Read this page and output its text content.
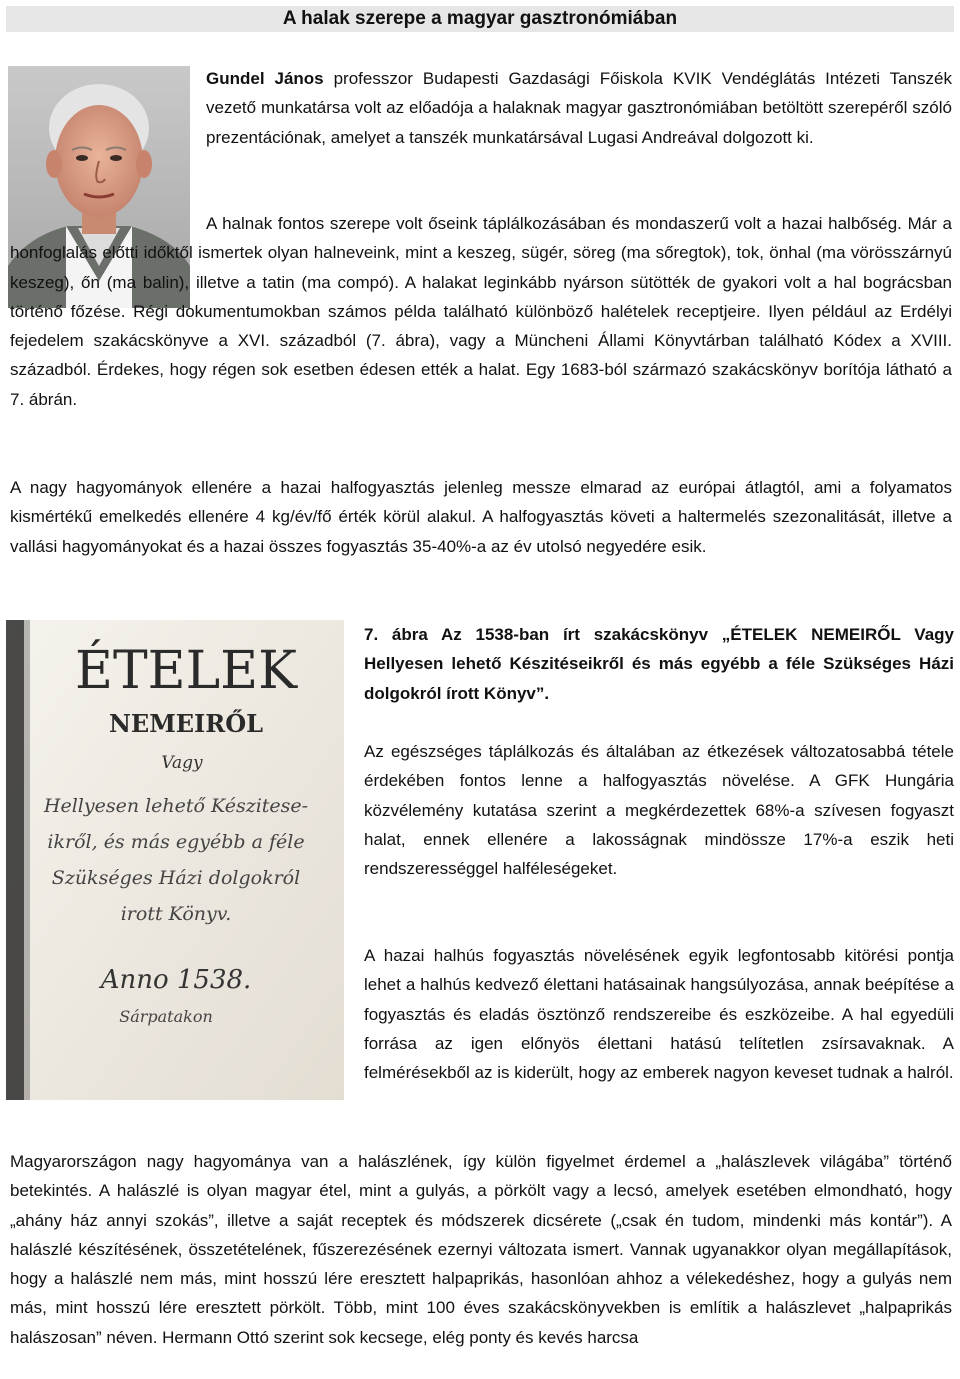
A halak szerepe a magyar gasztronómiában

Gundel János professzor Budapesti Gazdasági Főiskola KVIK Vendéglátás Intézeti Tanszék vezető munkatársa volt az előadója a halaknak magyar gasztronómiában betöltött szerepéről szóló prezentációnak, amelyet a tanszék munkatársával Lugasi Andreával dolgozott ki.

A halnak fontos szerepe volt őseink táplálkozásában és mondaszerű volt a hazai halbőség. Már a honfoglalás előtti időktől ismertek olyan halneveink, mint a keszeg, sügér, söreg (ma sőregtok), tok, önhal (ma vörösszárnyú keszeg), őn (ma balin), illetve a tatin (ma compó). A halakat leginkább nyárson sütötték de gyakori volt a hal bográcsban történő főzése. Régi dokumentumokban számos példa található különböző halételek receptjeire. Ilyen például az Erdélyi fejedelem szakácskönyve a XVI. századból (7. ábra), vagy a Müncheni Állami Könyvtárban található Kódex a XVIII. századból. Érdekes, hogy régen sok esetben édesen ették a halat. Egy 1683-ból származó szakácskönyv borítója látható a 7. ábrán.

A nagy hagyományok ellenére a hazai halfogyasztás jelenleg messze elmarad az európai átlagtól, ami a folyamatos kismértékű emelkedés ellenére 4 kg/év/fő érték körül alakul. A halfogyasztás követi a haltermelés szezonalitását, illetve a vallási hagyományokat és a hazai összes fogyasztás 35-40%-a az év utolsó negyedére esik.

ÉTELEK
NEMEIRŐL
Vagy
Hellyesen lehető Készitese-
ikről, és más egyébb a féle
Szükséges Házi dolgokról
irott Könyv.
Anno 1538.
Sárpatakon

7. ábra Az 1538-ban írt szakácskönyv „ÉTELEK NEMEIRŐL Vagy Hellyesen lehető Készitéseikről és más egyébb a féle Szükséges Házi dolgokról írott Könyv”.

Az egészséges táplálkozás és általában az étkezések változatosabbá tétele érdekében fontos lenne a halfogyasztás növelése. A GFK Hungária közvélemény kutatása szerint a megkérdezettek 68%-a szívesen fogyaszt halat, ennek ellenére a lakosságnak mindössze 17%-a eszik heti rendszerességgel halféleségeket.

A hazai halhús fogyasztás növelésének egyik legfontosabb kitörési pontja lehet a halhús kedvező élettani hatásainak hangsúlyozása, annak beépítése a fogyasztás és eladás ösztönző rendszereibe és eszközeibe. A hal egyedüli forrása az igen előnyös élettani hatású telítetlen zsírsavaknak. A felmérésekből az is kiderült, hogy az emberek nagyon keveset tudnak a halról.

Magyarországon nagy hagyománya van a halászlének, így külön figyelmet érdemel a „halászlevek világába” történő betekintés. A halászlé is olyan magyar étel, mint a gulyás, a pörkölt vagy a lecsó, amelyek esetében elmondható, hogy „ahány ház annyi szokás”, illetve a saját receptek és módszerek dicsérete („csak én tudom, mindenki más kontár”). A halászlé készítésének, összetételének, fűszerezésének ezernyi változata ismert. Vannak ugyanakkor olyan megállapítások, hogy a halászlé nem más, mint hosszú lére eresztett halpaprikás, hasonlóan ahhoz a vélekedéshez, hogy a gulyás nem más, mint hosszú lére eresztett pörkölt. Több, mint 100 éves szakácskönyvekben is említik a halászlevet „halpaprikás halászosan” néven. Hermann Ottó szerint sok kecsege, elég ponty és kevés harcsa
